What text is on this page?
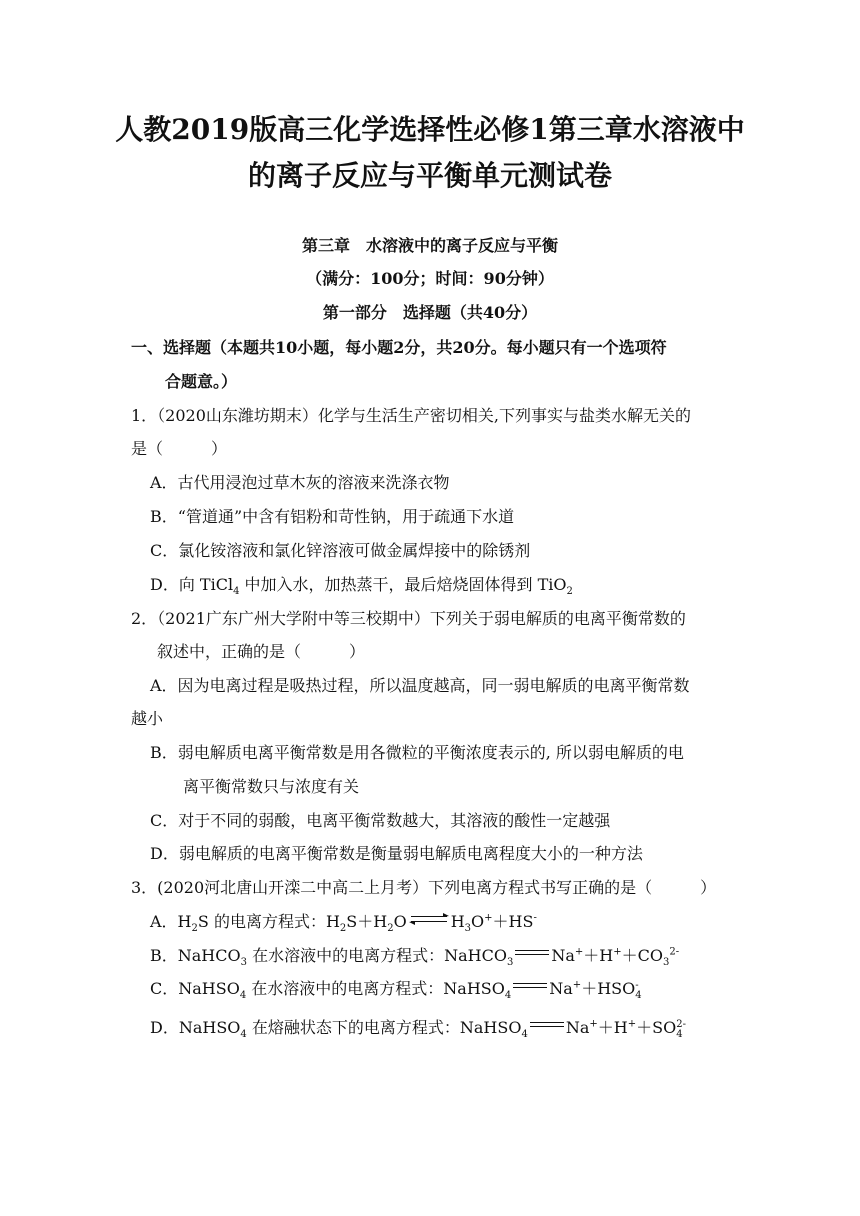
人教2019版高三化学选择性必修1第三章水溶液中
的离子反应与平衡单元测试卷
第三章　水溶液中的离子反应与平衡
（满分：100分；时间：90分钟）
第一部分　选择题（共40分）
一、选择题（本题共10小题，每小题2分，共20分。每小题只有一个选项符
合题意。）
1．（2020山东潍坊期末）化学与生活生产密切相关,下列事实与盐类水解无关的
是（　　　）
A．古代用浸泡过草木灰的溶液来洗涤衣物
B．“管道通”中含有铝粉和苛性钠，用于疏通下水道
C．氯化铵溶液和氯化锌溶液可做金属焊接中的除锈剂
D．向 TiCl$_4$ 中加入水，加热蒸干，最后焙烧固体得到 TiO$_2$
2．（2021广东广州大学附中等三校期中）下列关于弱电解质的电离平衡常数的
叙述中，正确的是（　　　）
A．因为电离过程是吸热过程，所以温度越高，同一弱电解质的电离平衡常数
越小
B．弱电解质电离平衡常数是用各微粒的平衡浓度表示的, 所以弱电解质的电
离平衡常数只与浓度有关
C．对于不同的弱酸，电离平衡常数越大，其溶液的酸性一定越强
D．弱电解质的电离平衡常数是衡量弱电解质电离程度大小的一种方法
3．(2020河北唐山开滦二中高二上月考）下列电离方程式书写正确的是（　　　）
A．$H_2S$ 的电离方程式：$H_2S+H_2O$	$H_3O^++HS^-$
B．NaHCO$_3$ 在水溶液中的电离方程式：NaHCO$_3$ $Na^++H^++CO_3^{2-}$
C．NaHSO$_4$ 在水溶液中的电离方程式：NaHSO$_4$ Na+＋HSO -
4
D．NaHSO$_4$ 在熔融状态下的电离方程式：NaHSO$_4$ Na+＋H+＋SO 2-
4
